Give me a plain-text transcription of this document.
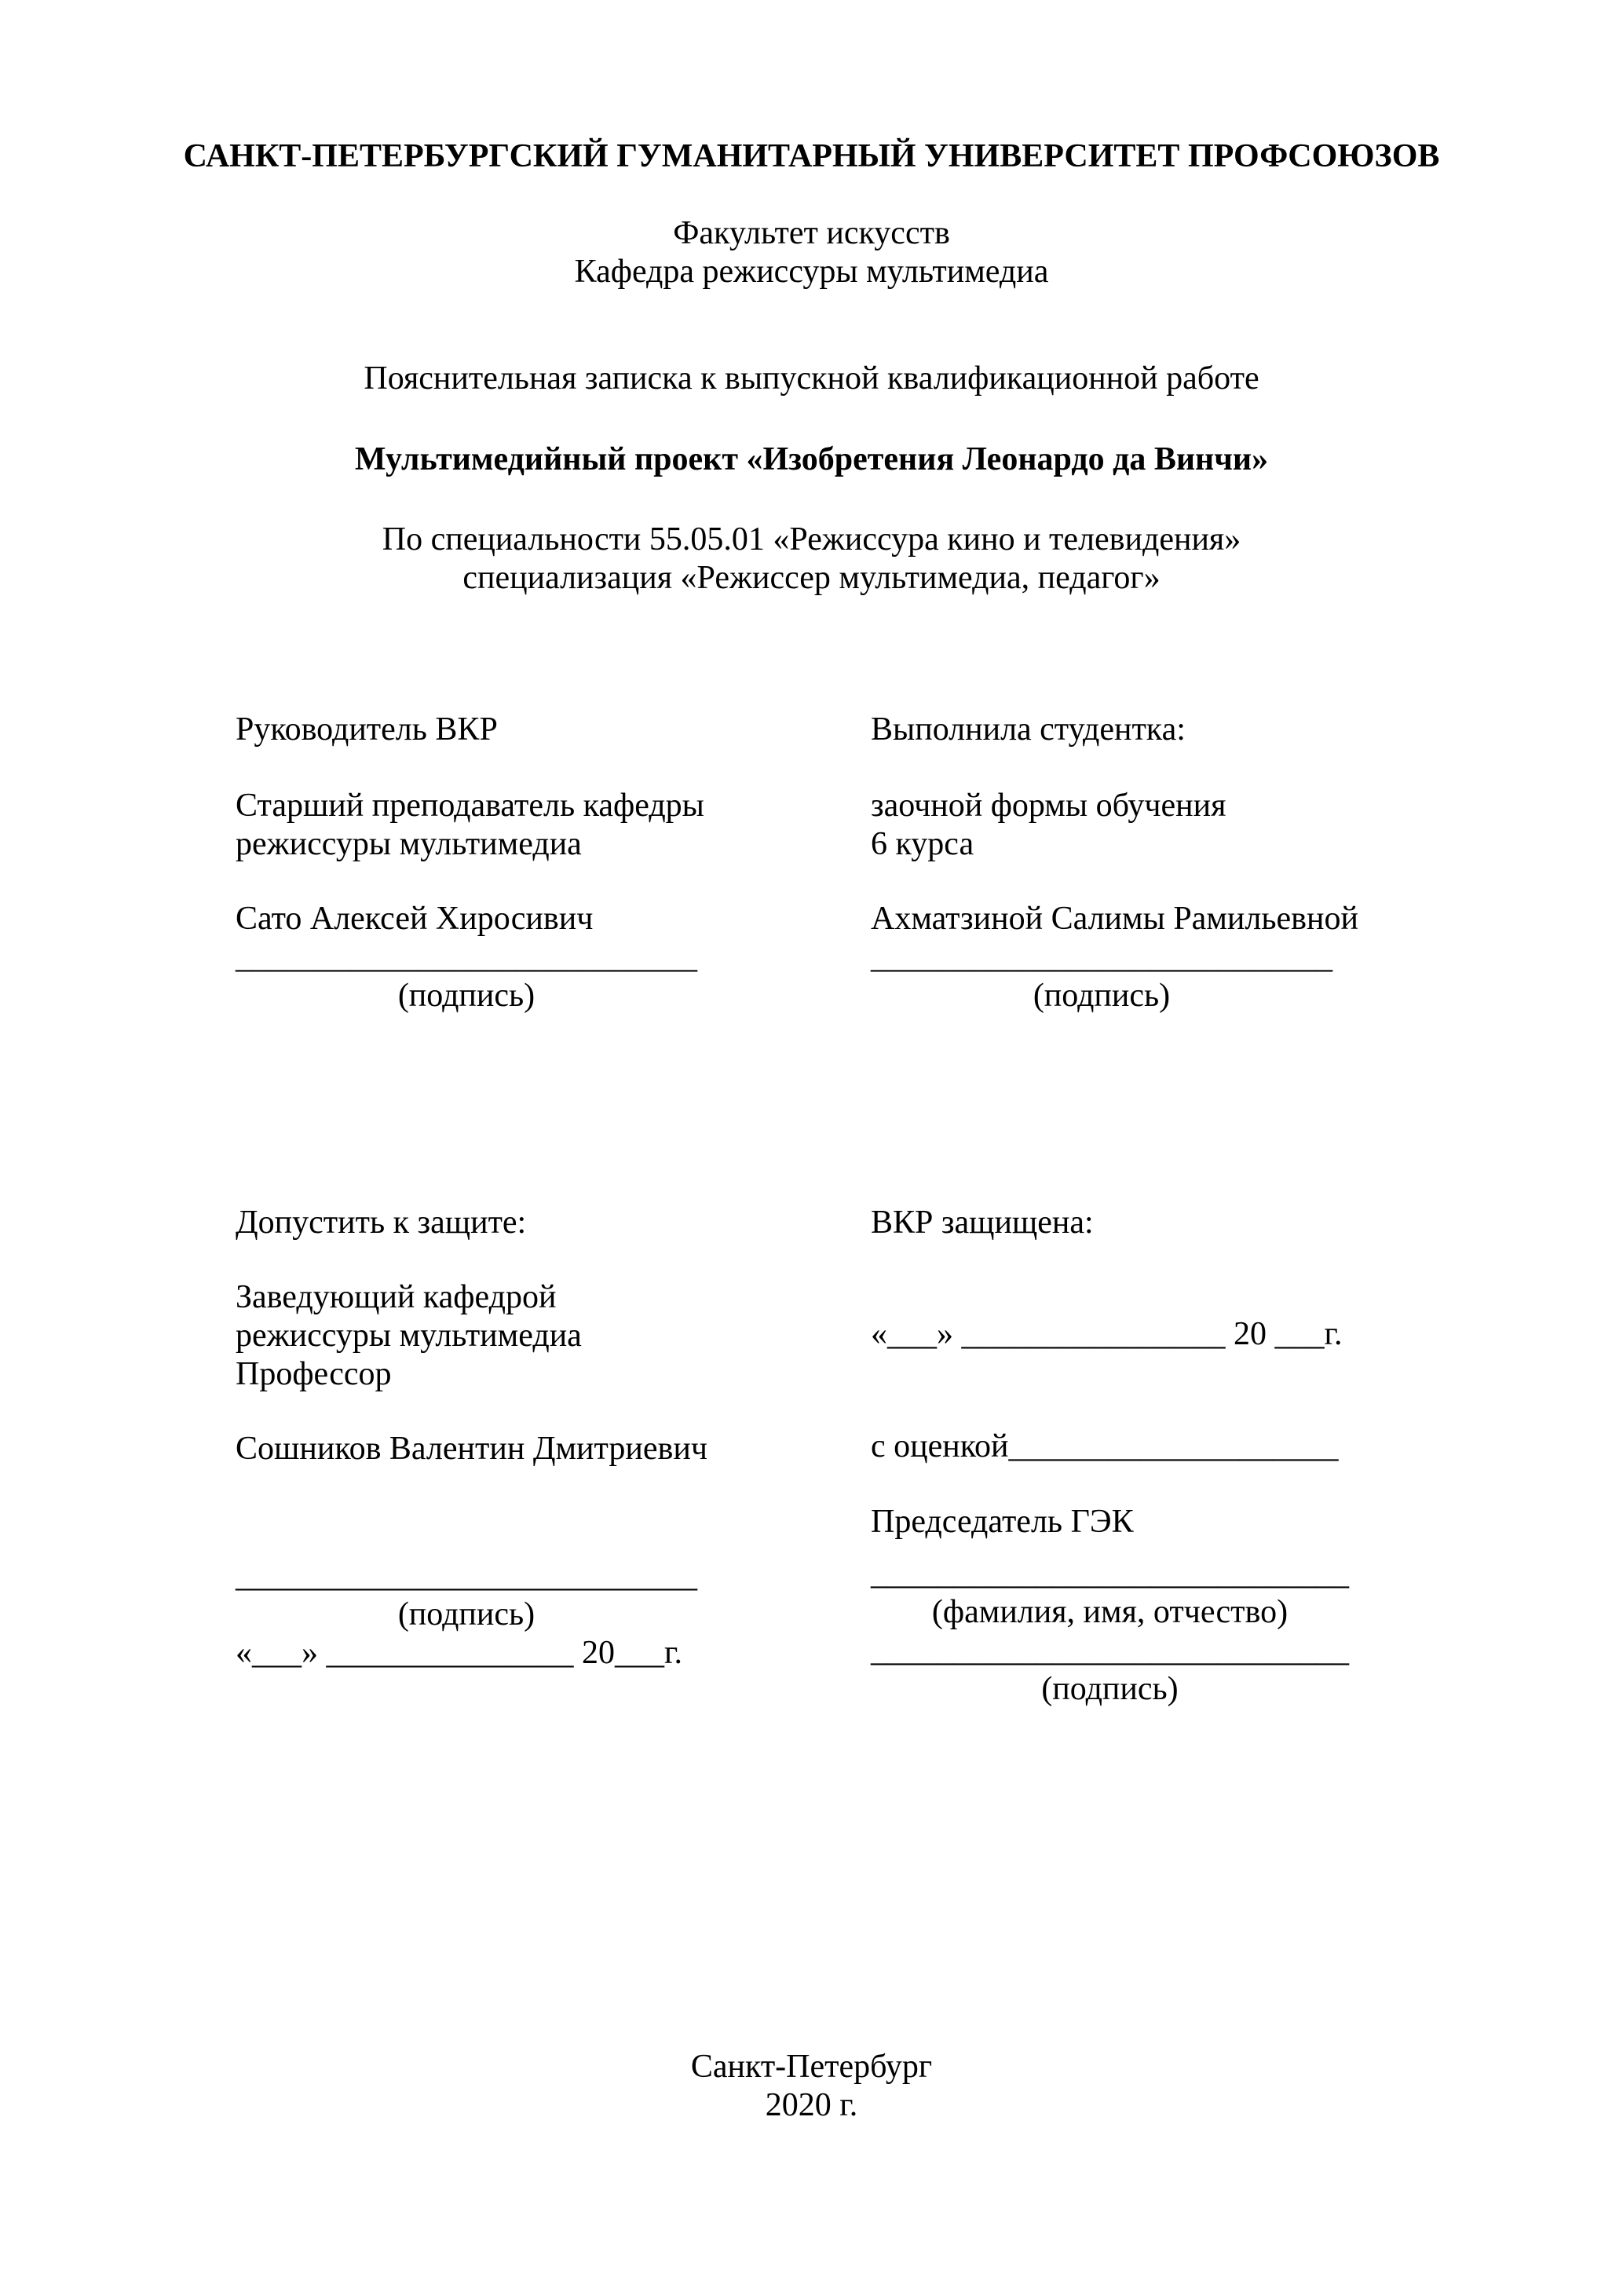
САНКТ-ПЕТЕРБУРГСКИЙ ГУМАНИТАРНЫЙ УНИВЕРСИТЕТ ПРОФСОЮЗОВ
Факультет искусств
Кафедра режиссуры мультимедиа
Пояснительная записка к выпускной квалификационной работе
Мультимедийный проект «Изобретения Леонардо да Винчи»
По специальности 55.05.01 «Режиссура кино и телевидения»
специализация «Режиссер мультимедиа, педагог»
Руководитель ВКР
Старший преподаватель кафедры
режиссуры мультимедиа
Сато Алексей Хиросивич
____________________________
(подпись)
Выполнила студентка:
заочной формы обучения
6 курса
Ахматзиной Салимы Рамильевной
____________________________
(подпись)
Допустить к защите:
Заведующий кафедрой
режиссуры мультимедиа
Профессор
Сошников Валентин Дмитриевич
____________________________
(подпись)
«___» _______________ 20___г.
ВКР защищена:
«___» ________________ 20 ___г.
с оценкой____________________
Председатель ГЭК
_____________________________
(фамилия, имя, отчество)
_____________________________
(подпись)
Санкт-Петербург
2020 г.
